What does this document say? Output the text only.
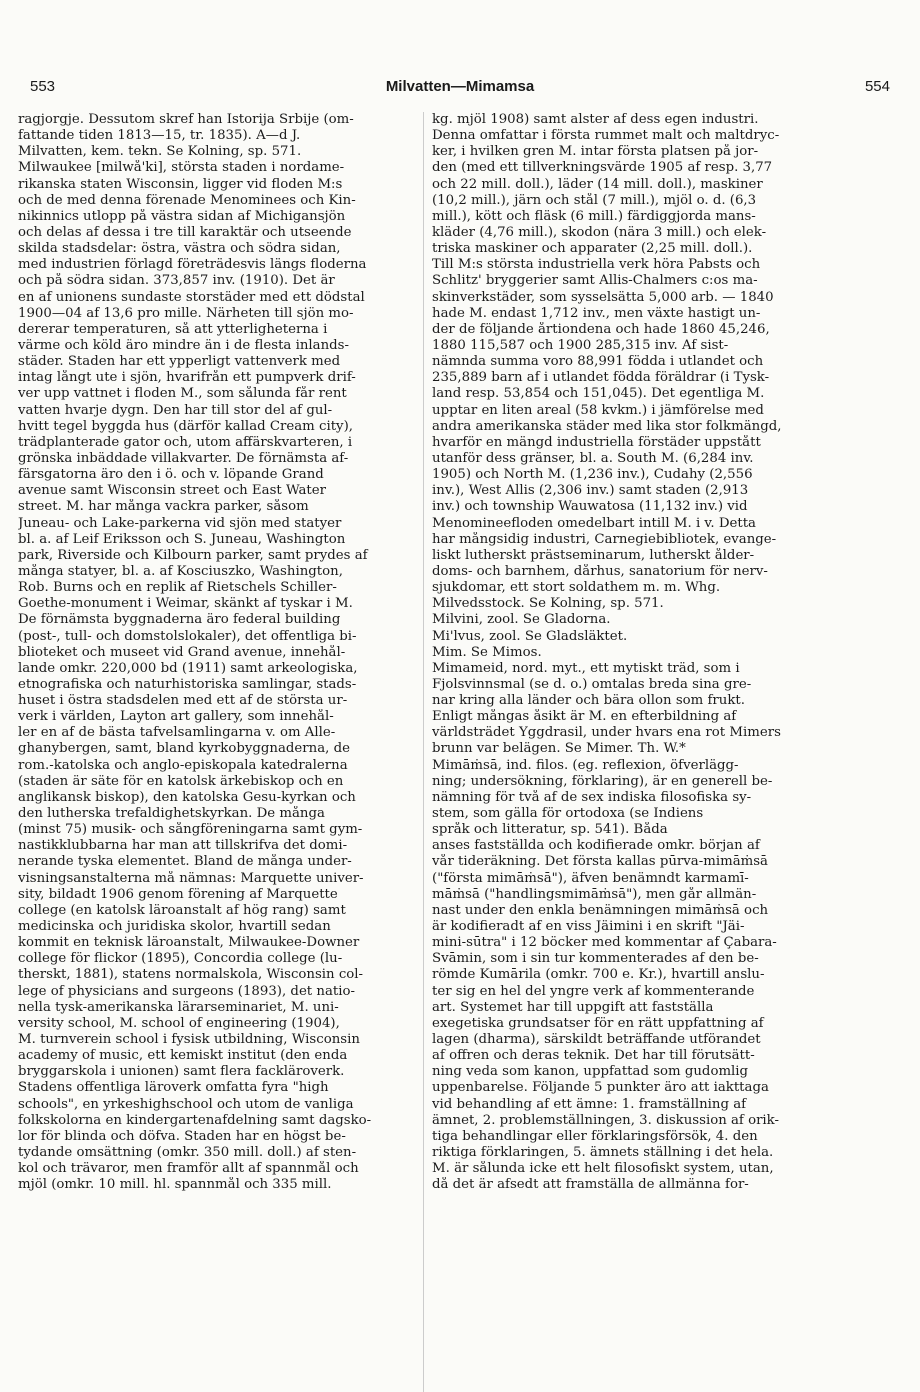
553	Milvatten—Mimamsa	554
ragjorgje. Dessutom skref han Istorija Srbije (om-
fattande tiden 1813—15, tr. 1835). A—d J.
Milvatten, kem. tekn. Se Kolning, sp. 571.
Milwaukee [milwå'ki], största staden i nordame-
rikanska staten Wisconsin, ligger vid floden M:s
och de med denna förenade Menominees och Kin-
nikinnics utlopp på västra sidan af Michigansjön
och delas af dessa i tre till karaktär och utseende
skilda stadsdelar: östra, västra och södra sidan,
med industrien förlagd företrädesvis längs floderna
och på södra sidan. 373,857 inv. (1910). Det är
en af unionens sundaste storstäder med ett dödstal
1900—04 af 13,6 pro mille. Närheten till sjön mo-
dererar temperaturen, så att ytterligheterna i
värme och köld äro mindre än i de flesta inlands-
städer. Staden har ett ypperligt vattenverk med
intag långt ute i sjön, hvarifrån ett pumpverk drif-
ver upp vattnet i floden M., som sålunda får rent
vatten hvarje dygn. Den har till stor del af gul-
hvitt tegel byggda hus (därför kallad Cream city),
trädplanterade gator och, utom affärskvarteren, i
grönska inbäddade villakvarter. De förnämsta af-
färsgatorna äro den i ö. och v. löpande Grand
avenue samt Wisconsin street och East Water
street. M. har många vackra parker, såsom
Juneau- och Lake-parkerna vid sjön med statyer
bl. a. af Leif Eriksson och S. Juneau, Washington
park, Riverside och Kilbourn parker, samt prydes af
många statyer, bl. a. af Kosciuszko, Washington,
Rob. Burns och en replik af Rietschels Schiller-
Goethe-monument i Weimar, skänkt af tyskar i M.
De förnämsta byggnaderna äro federal building
(post-, tull- och domstolslokaler), det offentliga bi-
blioteket och museet vid Grand avenue, innehål-
lande omkr. 220,000 bd (1911) samt arkeologiska,
etnografiska och naturhistoriska samlingar, stads-
huset i östra stadsdelen med ett af de största ur-
verk i världen, Layton art gallery, som innehål-
ler en af de bästa tafvelsamlingarna v. om Alle-
ghanybergen, samt, bland kyrkobyggnaderna, de
rom.-katolska och anglo-episkopala katedralerna
(staden är säte för en katolsk ärkebiskop och en
anglikansk biskop), den katolska Gesu-kyrkan och
den lutherska trefaldighetskyrkan. De många
(minst 75) musik- och sångföreningarna samt gym-
nastikklubbarna har man att tillskrifva det domi-
nerande tyska elementet. Bland de många under-
visningsanstalterna må nämnas: Marquette univer-
sity, bildadt 1906 genom förening af Marquette
college (en katolsk läroanstalt af hög rang) samt
medicinska och juridiska skolor, hvartill sedan
kommit en teknisk läroanstalt, Milwaukee-Downer
college för flickor (1895), Concordia college (lu-
therskt, 1881), statens normalskola, Wisconsin col-
lege of physicians and surgeons (1893), det natio-
nella tysk-amerikanska lärarseminariet, M. uni-
versity school, M. school of engineering (1904),
M. turnverein school i fysisk utbildning, Wisconsin
academy of music, ett kemiskt institut (den enda
bryggarskola i unionen) samt flera fackläroverk.
Stadens offentliga läroverk omfatta fyra "high
schools", en yrkeshighschool och utom de vanliga
folkskolorna en kindergartenafdelning samt dagsko-
lor för blinda och döfva. Staden har en högst be-
tydande omsättning (omkr. 350 mill. doll.) af sten-
kol och trävaror, men framför allt af spannmål och
mjöl (omkr. 10 mill. hl. spannmål och 335 mill.
kg. mjöl 1908) samt alster af dess egen industri.
Denna omfattar i första rummet malt och maltdryc-
ker, i hvilken gren M. intar första platsen på jor-
den (med ett tillverkningsvärde 1905 af resp. 3,77
och 22 mill. doll.), läder (14 mill. doll.), maskiner
(10,2 mill.), järn och stål (7 mill.), mjöl o. d. (6,3
mill.), kött och fläsk (6 mill.) färdiggjorda mans-
kläder (4,76 mill.), skodon (nära 3 mill.) och elek-
triska maskiner och apparater (2,25 mill. doll.).
Till M:s största industriella verk höra Pabsts och
Schlitz' bryggerier samt Allis-Chalmers c:os ma-
skinverkstäder, som sysselsätta 5,000 arb. — 1840
hade M. endast 1,712 inv., men växte hastigt un-
der de följande årtiondena och hade 1860 45,246,
1880 115,587 och 1900 285,315 inv. Af sist-
nämnda summa voro 88,991 födda i utlandet och
235,889 barn af i utlandet födda föräldrar (i Tysk-
land resp. 53,854 och 151,045). Det egentliga M.
upptar en liten areal (58 kvkm.) i jämförelse med
andra amerikanska städer med lika stor folkmängd,
hvarför en mängd industriella förstäder uppstått
utanför dess gränser, bl. a. South M. (6,284 inv.
1905) och North M. (1,236 inv.), Cudahy (2,556
inv.), West Allis (2,306 inv.) samt staden (2,913
inv.) och township Wauwatosa (11,132 inv.) vid
Menomineefloden omedelbart intill M. i v. Detta
har mångsidig industri, Carnegiebibliotek, evange-
liskt lutherskt prästseminarum, lutherskt ålder-
doms- och barnhem, dårhus, sanatorium för nerv-
sjukdomar, ett stort soldathem m. m. Whg.
Milvedsstock. Se Kolning, sp. 571.
Milvini, zool. Se Gladorna.
Mi'lvus, zool. Se Gladsläktet.
Mim. Se Mimos.
Mimameid, nord. myt., ett mytiskt träd, som i
Fjolsvinnsmal (se d. o.) omtalas breda sina gre-
nar kring alla länder och bära ollon som frukt.
Enligt mångas åsikt är M. en efterbildning af
världsträdet Yggdrasil, under hvars ena rot Mimers
brunn var belägen. Se Mimer. Th. W.*
Mimāṁsā, ind. filos. (eg. reflexion, öfverlägg-
ning; undersökning, förklaring), är en generell be-
nämning för två af de sex indiska filosofiska sy-
stem, som gälla för ortodoxa (se Indiens
språk och litteratur, sp. 541). Båda
anses fastställda och kodifierade omkr. början af
vår tideräkning. Det första kallas pūrva-mimāṁsā
("första mimāṁsā"), äfven benämndt karmamī-
māṁsā ("handlingsmimāṁsā"), men går allmän-
nast under den enkla benämningen mimāṁsā och
är kodifieradt af en viss Jäimini i en skrift "Jäi-
mini-sūtra" i 12 böcker med kommentar af Çabara-
Svāmin, som i sin tur kommenterades af den be-
römde Kumārila (omkr. 700 e. Kr.), hvartill anslu-
ter sig en hel del yngre verk af kommenterande
art. Systemet har till uppgift att fastställa
exegetiska grundsatser för en rätt uppfattning af
lagen (dharma), särskildt beträffande utförandet
af offren och deras teknik. Det har till förutsätt-
ning veda som kanon, uppfattad som gudomlig
uppenbarelse. Följande 5 punkter äro att iakttaga
vid behandling af ett ämne: 1. framställning af
ämnet, 2. problemställningen, 3. diskussion af orik-
tiga behandlingar eller förklaringsförsök, 4. den
riktiga förklaringen, 5. ämnets ställning i det hela.
M. är sålunda icke ett helt filosofiskt system, utan,
då det är afsedt att framställa de allmänna for-
